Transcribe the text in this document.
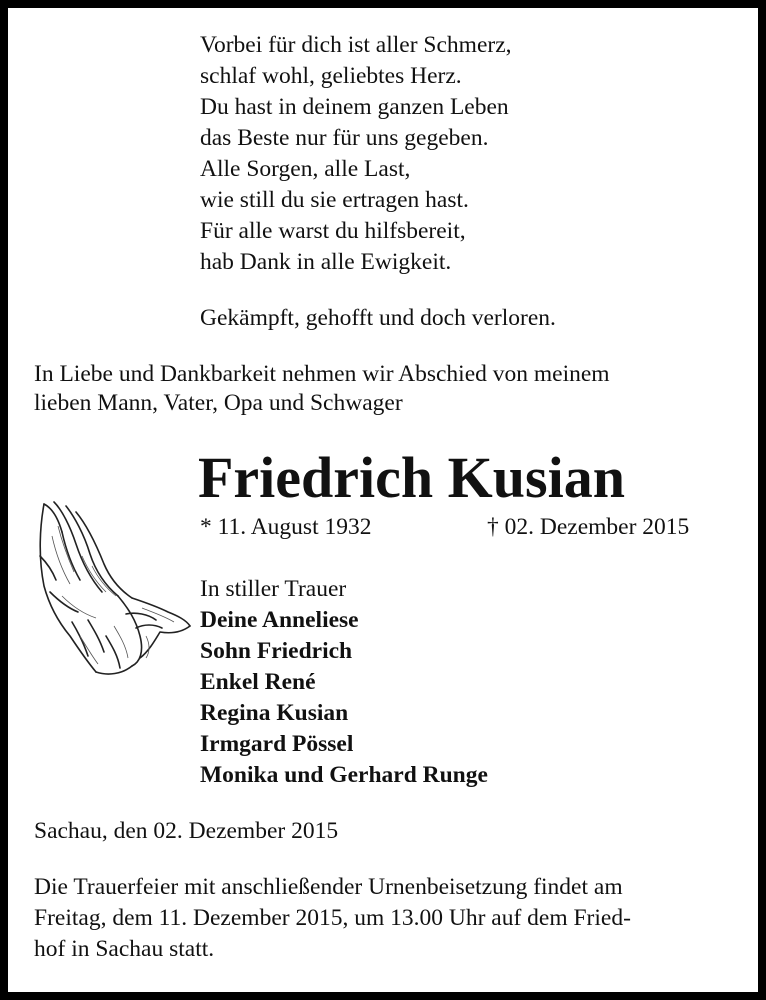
Vorbei für dich ist aller Schmerz,
schlaf wohl, geliebtes Herz.
Du hast in deinem ganzen Leben
das Beste nur für uns gegeben.
Alle Sorgen, alle Last,
wie still du sie ertragen hast.
Für alle warst du hilfsbereit,
hab Dank in alle Ewigkeit.
Gekämpft, gehofft und doch verloren.
In Liebe und Dankbarkeit nehmen wir Abschied von meinem
lieben Mann, Vater, Opa und Schwager
Friedrich Kusian
* 11. August 1932	† 02. Dezember 2015
In stiller Trauer
Deine Anneliese
Sohn Friedrich
Enkel René
Regina Kusian
Irmgard Pössel
Monika und Gerhard Runge
Sachau, den 02. Dezember 2015
Die Trauerfeier mit anschließender Urnenbeisetzung findet am
Freitag, dem 11. Dezember 2015, um 13.00 Uhr auf dem Fried-
hof in Sachau statt.
